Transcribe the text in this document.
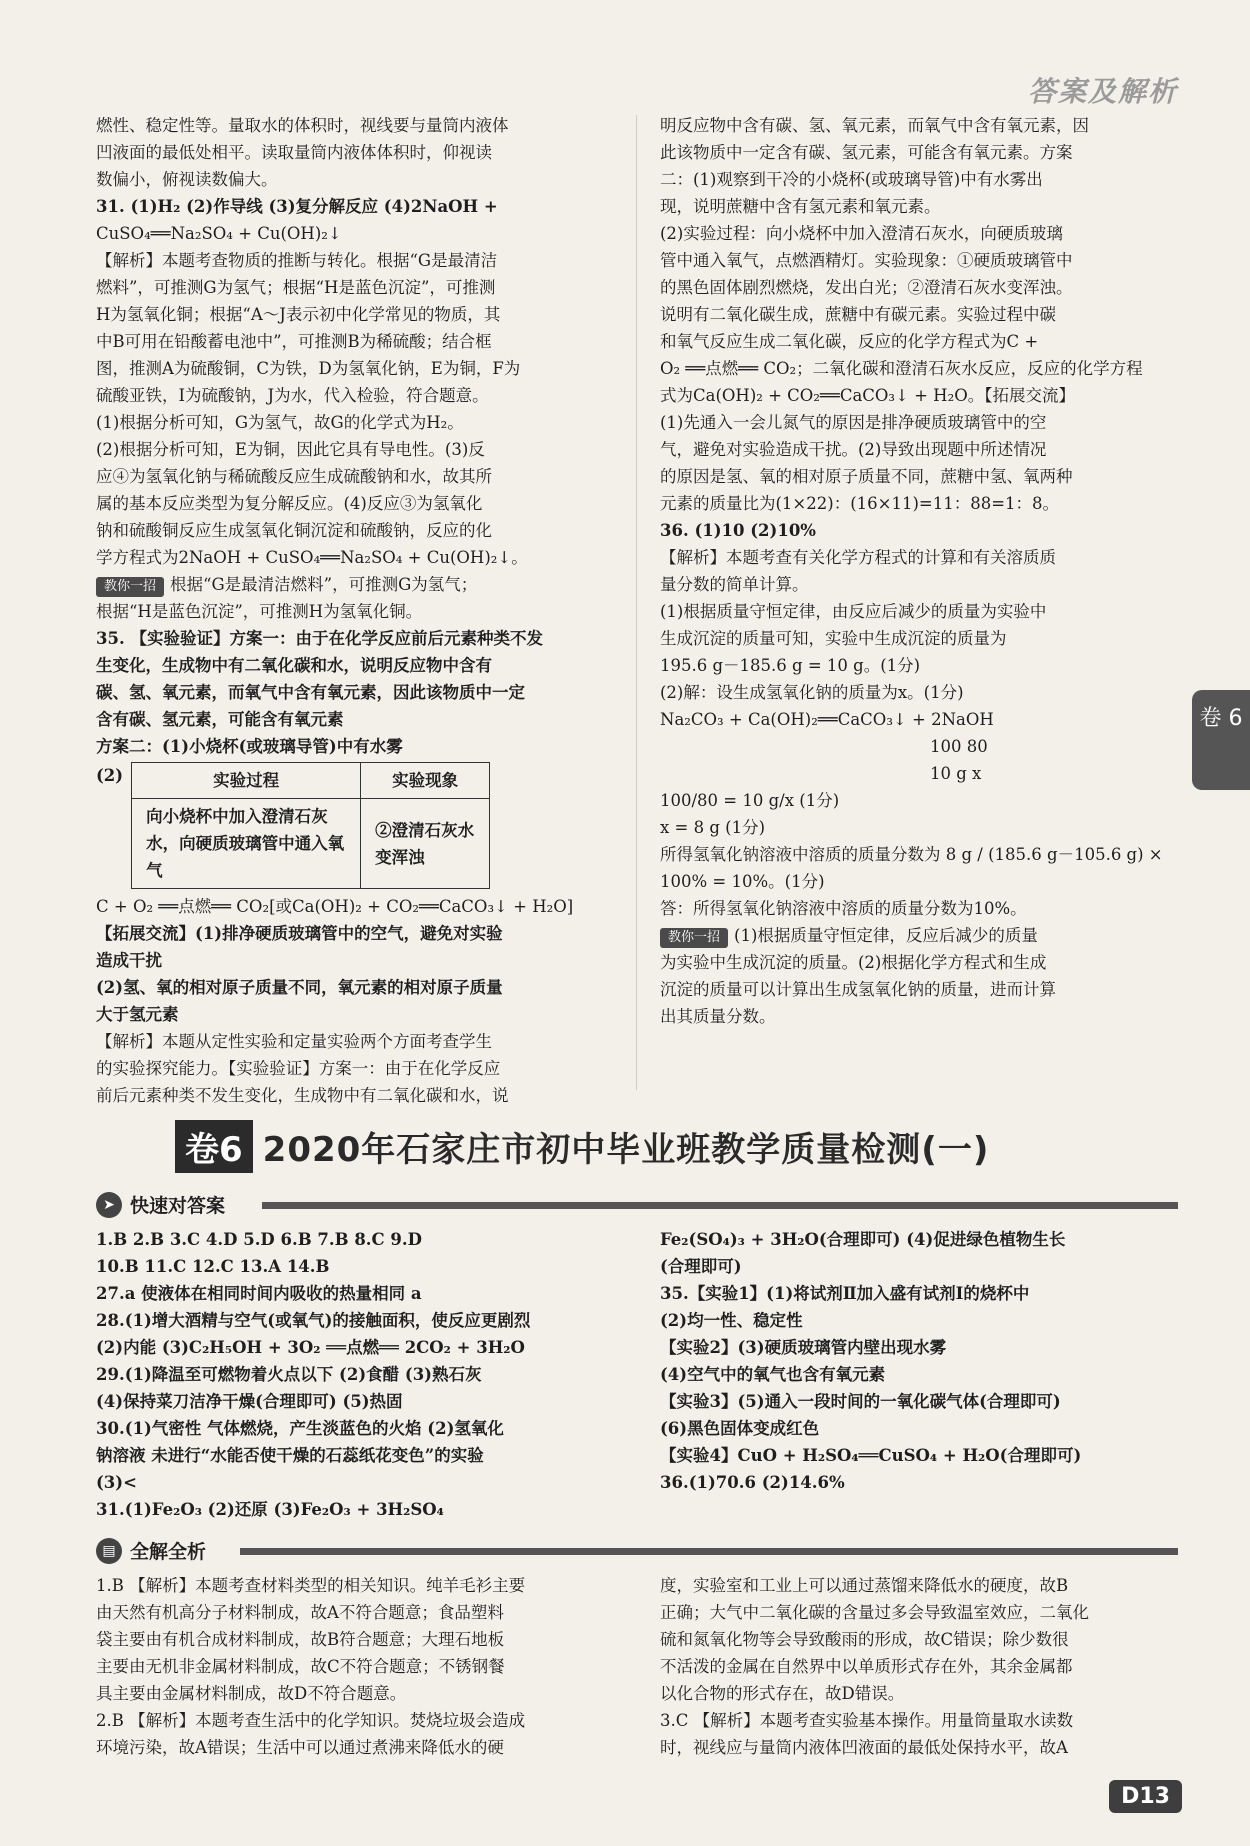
答案及解析

燃性、稳定性等。量取水的体积时，视线要与量筒内液体

凹液面的最低处相平。读取量筒内液体体积时，仰视读

数偏小，俯视读数偏大。

31. (1)H₂ (2)作导线 (3)复分解反应 (4)2NaOH +

CuSO₄══Na₂SO₄ + Cu(OH)₂↓

【解析】本题考查物质的推断与转化。根据“G是最清洁

燃料”，可推测G为氢气；根据“H是蓝色沉淀”，可推测

H为氢氧化铜；根据“A～J表示初中化学常见的物质，其

中B可用在铅酸蓄电池中”，可推测B为稀硫酸；结合框

图，推测A为硫酸铜，C为铁，D为氢氧化钠，E为铜，F为

硫酸亚铁，I为硫酸钠，J为水，代入检验，符合题意。

(1)根据分析可知，G为氢气，故G的化学式为H₂。

(2)根据分析可知，E为铜，因此它具有导电性。(3)反

应④为氢氧化钠与稀硫酸反应生成硫酸钠和水，故其所

属的基本反应类型为复分解反应。(4)反应③为氢氧化

钠和硫酸铜反应生成氢氧化铜沉淀和硫酸钠，反应的化

学方程式为2NaOH + CuSO₄══Na₂SO₄ + Cu(OH)₂↓。

教你一招 根据“G是最清洁燃料”，可推测G为氢气；

根据“H是蓝色沉淀”，可推测H为氢氧化铜。

35. 【实验验证】方案一：由于在化学反应前后元素种类不发

生变化，生成物中有二氧化碳和水，说明反应物中含有

碳、氢、氧元素，而氧气中含有氧元素，因此该物质中一定

含有碳、氢元素，可能含有氧元素

方案二：(1)小烧杯(或玻璃导管)中有水雾

(2)	实验过程	实验现象
向小烧杯中加入澄清石灰水，向硬质玻璃管中通入氧气	②澄清石灰水变浑浊

C + O₂ ══点燃══ CO₂[或Ca(OH)₂ + CO₂══CaCO₃↓ + H₂O]

【拓展交流】(1)排净硬质玻璃管中的空气，避免对实验

造成干扰

(2)氢、氧的相对原子质量不同，氧元素的相对原子质量

大于氢元素

【解析】本题从定性实验和定量实验两个方面考查学生

的实验探究能力。【实验验证】方案一：由于在化学反应

前后元素种类不发生变化，生成物中有二氧化碳和水，说

明反应物中含有碳、氢、氧元素，而氧气中含有氧元素，因

此该物质中一定含有碳、氢元素，可能含有氧元素。方案

二：(1)观察到干冷的小烧杯(或玻璃导管)中有水雾出

现，说明蔗糖中含有氢元素和氧元素。

(2)实验过程：向小烧杯中加入澄清石灰水，向硬质玻璃

管中通入氧气，点燃酒精灯。实验现象：①硬质玻璃管中

的黑色固体剧烈燃烧，发出白光；②澄清石灰水变浑浊。

说明有二氧化碳生成，蔗糖中有碳元素。实验过程中碳

和氧气反应生成二氧化碳，反应的化学方程式为C +

O₂ ══点燃══ CO₂；二氧化碳和澄清石灰水反应，反应的化学方程

式为Ca(OH)₂ + CO₂══CaCO₃↓ + H₂O。【拓展交流】

(1)先通入一会儿氮气的原因是排净硬质玻璃管中的空

气，避免对实验造成干扰。(2)导致出现题中所述情况

的原因是氢、氧的相对原子质量不同，蔗糖中氢、氧两种

元素的质量比为(1×22)：(16×11)=11：88=1：8。

36. (1)10 (2)10%

【解析】本题考查有关化学方程式的计算和有关溶质质

量分数的简单计算。

(1)根据质量守恒定律，由反应后减少的质量为实验中

生成沉淀的质量可知，实验中生成沉淀的质量为

195.6 g－185.6 g = 10 g。(1分)

(2)解：设生成氢氧化钠的质量为x。(1分)

Na₂CO₃ + Ca(OH)₂══CaCO₃↓ + 2NaOH

100 80

10 g x

100/80 = 10 g/x (1分)

x = 8 g (1分)

所得氢氧化钠溶液中溶质的质量分数为 8 g / (185.6 g－105.6 g) ×

100% = 10%。(1分)

答：所得氢氧化钠溶液中溶质的质量分数为10%。

教你一招 (1)根据质量守恒定律，反应后减少的质量

为实验中生成沉淀的质量。(2)根据化学方程式和生成

沉淀的质量可以计算出生成氢氧化钠的质量，进而计算

出其质量分数。

卷 6
卷6 2020年石家庄市初中毕业班教学质量检测(一)
➤ 快速对答案

1.B 2.B 3.C 4.D 5.D 6.B 7.B 8.C 9.D

10.B 11.C 12.C 13.A 14.B

27.a 使液体在相同时间内吸收的热量相同 a

28.(1)增大酒精与空气(或氧气)的接触面积，使反应更剧烈

(2)内能 (3)C₂H₅OH + 3O₂ ══点燃══ 2CO₂ + 3H₂O

29.(1)降温至可燃物着火点以下 (2)食醋 (3)熟石灰

(4)保持菜刀洁净干燥(合理即可) (5)热固

30.(1)气密性 气体燃烧，产生淡蓝色的火焰 (2)氢氧化

钠溶液 未进行“水能否使干燥的石蕊纸花变色”的实验

(3)<

31.(1)Fe₂O₃ (2)还原 (3)Fe₂O₃ + 3H₂SO₄

Fe₂(SO₄)₃ + 3H₂O(合理即可) (4)促进绿色植物生长

(合理即可)

35.【实验1】(1)将试剂Ⅱ加入盛有试剂Ⅰ的烧杯中

(2)均一性、稳定性

【实验2】(3)硬质玻璃管内壁出现水雾

(4)空气中的氧气也含有氧元素

【实验3】(5)通入一段时间的一氧化碳气体(合理即可)

(6)黑色固体变成红色

【实验4】CuO + H₂SO₄══CuSO₄ + H₂O(合理即可)

36.(1)70.6 (2)14.6%

▤ 全解全析

1.B 【解析】本题考查材料类型的相关知识。纯羊毛衫主要

由天然有机高分子材料制成，故A不符合题意；食品塑料

袋主要由有机合成材料制成，故B符合题意；大理石地板

主要由无机非金属材料制成，故C不符合题意；不锈钢餐

具主要由金属材料制成，故D不符合题意。

2.B 【解析】本题考查生活中的化学知识。焚烧垃圾会造成

环境污染，故A错误；生活中可以通过煮沸来降低水的硬

度，实验室和工业上可以通过蒸馏来降低水的硬度，故B

正确；大气中二氧化碳的含量过多会导致温室效应，二氧化

硫和氮氧化物等会导致酸雨的形成，故C错误；除少数很

不活泼的金属在自然界中以单质形式存在外，其余金属都

以化合物的形式存在，故D错误。

3.C 【解析】本题考查实验基本操作。用量筒量取水读数

时，视线应与量筒内液体凹液面的最低处保持水平，故A

D13
